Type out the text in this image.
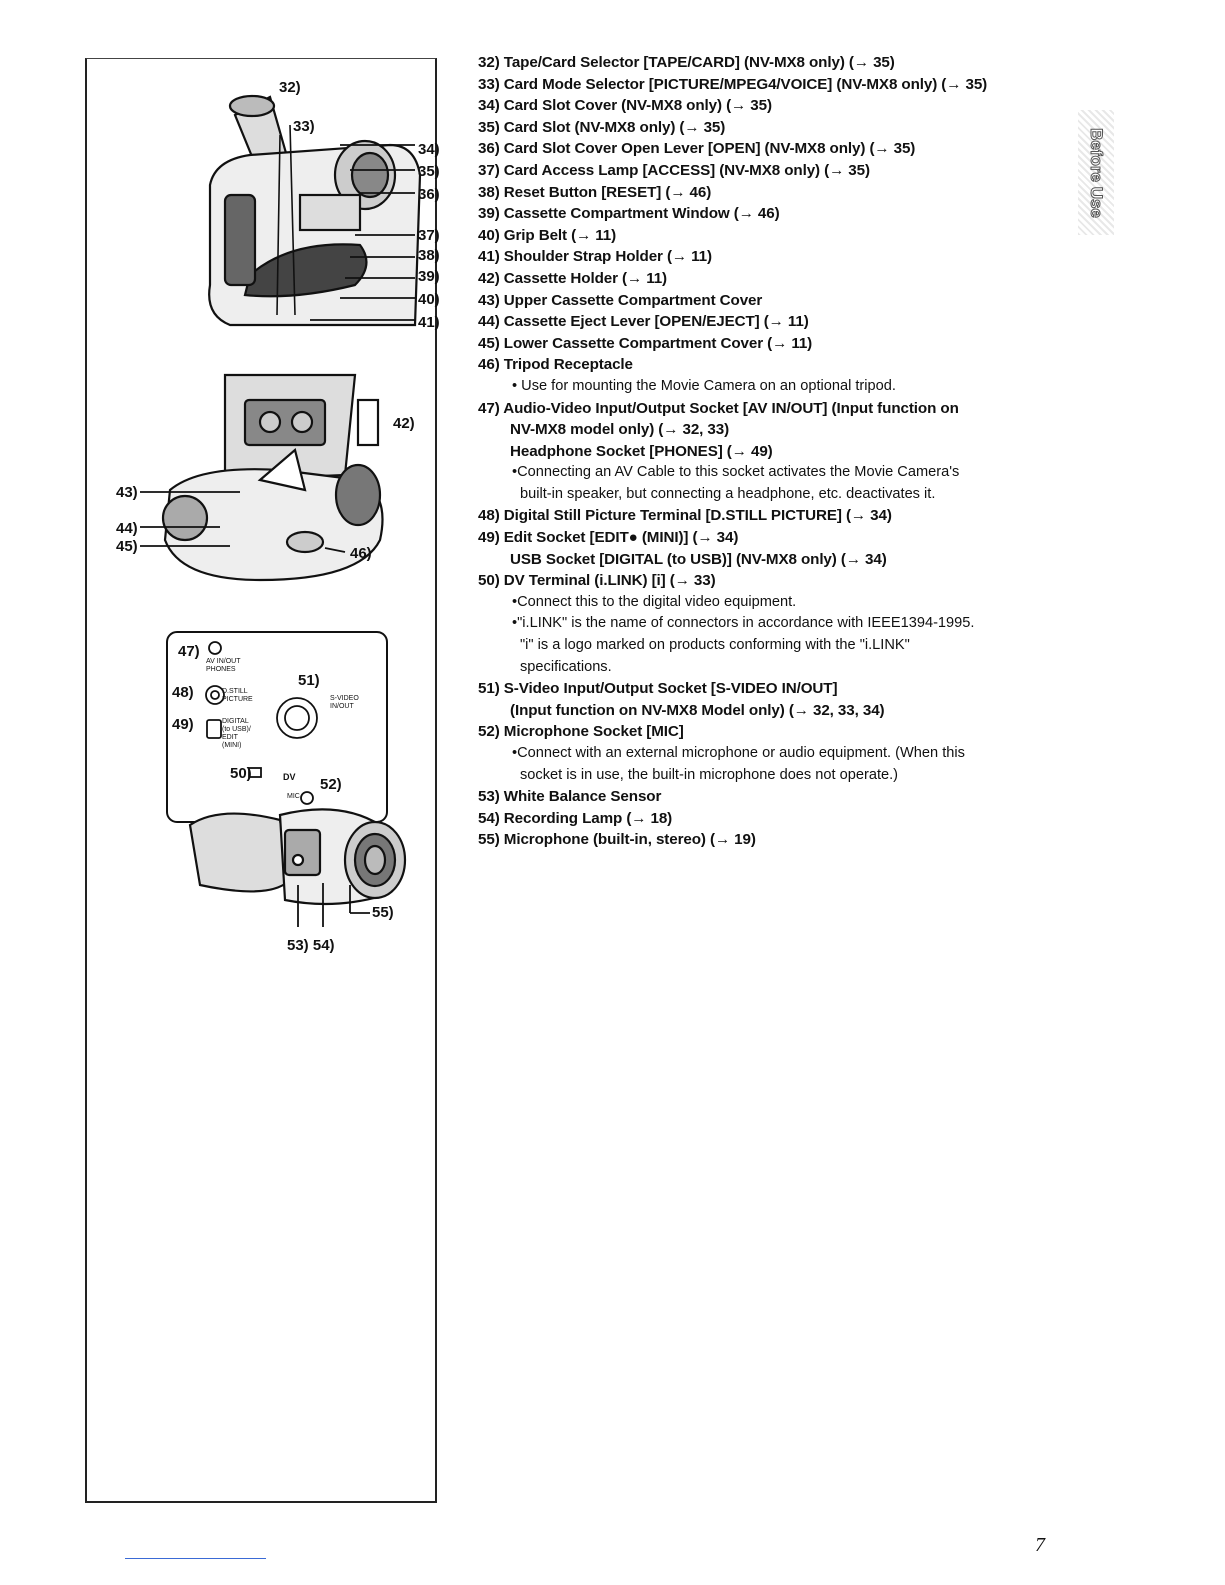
32)
33)
34)
35)
36)
37)
38)
39)
40)
41)
42)
43)
44)
45)	46)
47)
48)
49)
50)
51)
52)
AV IN/OUT PHONES
D.STILL PICTURE
DIGITAL (to USB)/ EDIT (MINI)
S-VIDEO IN/OUT
DV
MIC
55)
53) 54)
32) Tape/Card Selector [TAPE/CARD] (NV-MX8 only) (→ 35)
33) Card Mode Selector [PICTURE/MPEG4/VOICE] (NV-MX8 only) (→ 35)
34) Card Slot Cover (NV-MX8 only) (→ 35)
35) Card Slot (NV-MX8 only) (→ 35)
36) Card Slot Cover Open Lever [OPEN] (NV-MX8 only) (→ 35)
37) Card Access Lamp [ACCESS] (NV-MX8 only) (→ 35)
38) Reset Button [RESET] (→ 46)
39) Cassette Compartment Window (→ 46)
40) Grip Belt (→ 11)
41) Shoulder Strap Holder (→ 11)
42) Cassette Holder (→ 11)
43) Upper Cassette Compartment Cover
44) Cassette Eject Lever [OPEN/EJECT] (→ 11)
45) Lower Cassette Compartment Cover (→ 11)
46) Tripod Receptacle
• Use for mounting the Movie Camera on an optional tripod.
47) Audio-Video Input/Output Socket [AV IN/OUT] (Input function on
NV-MX8 model only) (→ 32, 33)
Headphone Socket [PHONES] (→ 49)
•Connecting an AV Cable to this socket activates the Movie Camera's
built-in speaker, but connecting a headphone, etc. deactivates it.
48) Digital Still Picture Terminal [D.STILL PICTURE] (→ 34)
49) Edit Socket [EDIT● (MINI)] (→ 34)
USB Socket [DIGITAL (to USB)] (NV-MX8 only) (→ 34)
50) DV Terminal (i.LINK) [i] (→ 33)
•Connect this to the digital video equipment.
•"i.LINK" is the name of connectors in accordance with IEEE1394-1995.
"i" is a logo marked on products conforming with the "i.LINK"
specifications.
51) S-Video Input/Output Socket [S-VIDEO IN/OUT]
(Input function on NV-MX8 Model only) (→ 32, 33, 34)
52) Microphone Socket [MIC]
•Connect with an external microphone or audio equipment. (When this
socket is in use, the built-in microphone does not operate.)
53) White Balance Sensor
54) Recording Lamp (→ 18)
55) Microphone (built-in, stereo) (→ 19)
Before Use
7
